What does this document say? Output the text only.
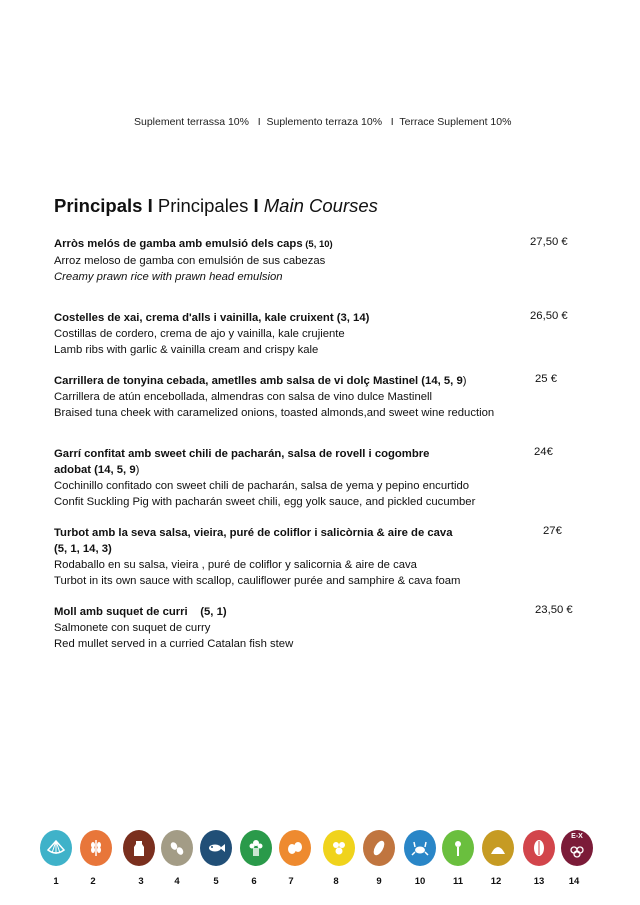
Suplement terrassa 10%   I  Suplemento terraza 10%   I  Terrace Suplement 10%
Principals I Principales I Main Courses
Arròs melós de gamba amb emulsió dels caps (5, 10)
Arroz meloso de gamba con emulsión de sus cabezas
Creamy prawn rice with prawn head emulsion
27,50 €
Costelles de xai, crema d'alls i vainilla, kale cruixent (3, 14)
Costillas de cordero, crema de ajo y vainilla, kale crujiente
Lamb ribs with garlic & vainilla cream and crispy kale
26,50 €
Carrillera de tonyina cebada, ametlles amb salsa de vi dolç Mastinel (14, 5, 9)
Carrillera de atún encebollada, almendras con salsa de vino dulce Mastinell
Braised tuna cheek with caramelized onions, toasted almonds,and sweet wine reduction
25 €
Garrí confitat amb sweet chili de pacharán, salsa de rovell i cogombre
adobat (14, 5, 9)
Cochinillo confitado con sweet chili de pacharán, salsa de yema y pepino encurtido
Confit Suckling Pig with pacharán sweet chili, egg yolk sauce, and pickled cucumber
24€
Turbot amb la seva salsa, vieira, puré de coliflor i salicòrnia & aire de cava
(5, 1, 14, 3)
Rodaballo en su salsa, vieira , puré de coliflor y salicornia & aire de cava
Turbot in its own sauce with scallop, cauliflower purée and samphire & cava foam
27€
Moll amb suquet de curri    (5, 1)
Salmonete con suquet de curry
Red mullet served in a curried Catalan fish stew
23,50 €
E-X
1	2	3	4	5	6	7	8	9	10	11	12	13	14
